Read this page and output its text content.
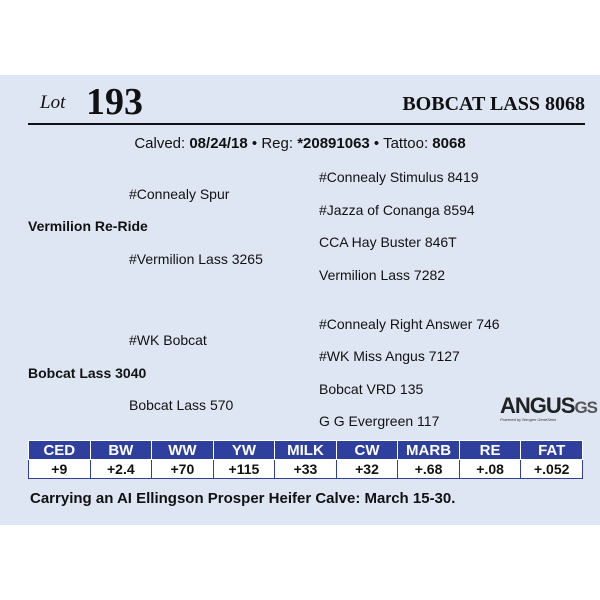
Lot 193	BOBCAT LASS 8068
Calved: 08/24/18 • Reg: *20891063 • Tattoo: 8068
#Connealy Spur
#Connealy Stimulus 8419
#Jazza of Conanga 8594
Vermilion Re-Ride
#Vermilion Lass 3265
CCA Hay Buster 846T
Vermilion Lass 7282
#WK Bobcat
#Connealy Right Answer 746
#WK Miss Angus 7127
Bobcat Lass 3040
Bobcat Lass 570
Bobcat VRD 135
G G Evergreen 117
ANGUSGS
Powered by Neogen GeneSeek
CED	BW	WW	YW	MILK	CW	MARB	RE	FAT
+9	+2.4	+70	+115	+33	+32	+.68	+.08	+.052
Carrying an AI Ellingson Prosper Heifer Calve: March 15-30.
